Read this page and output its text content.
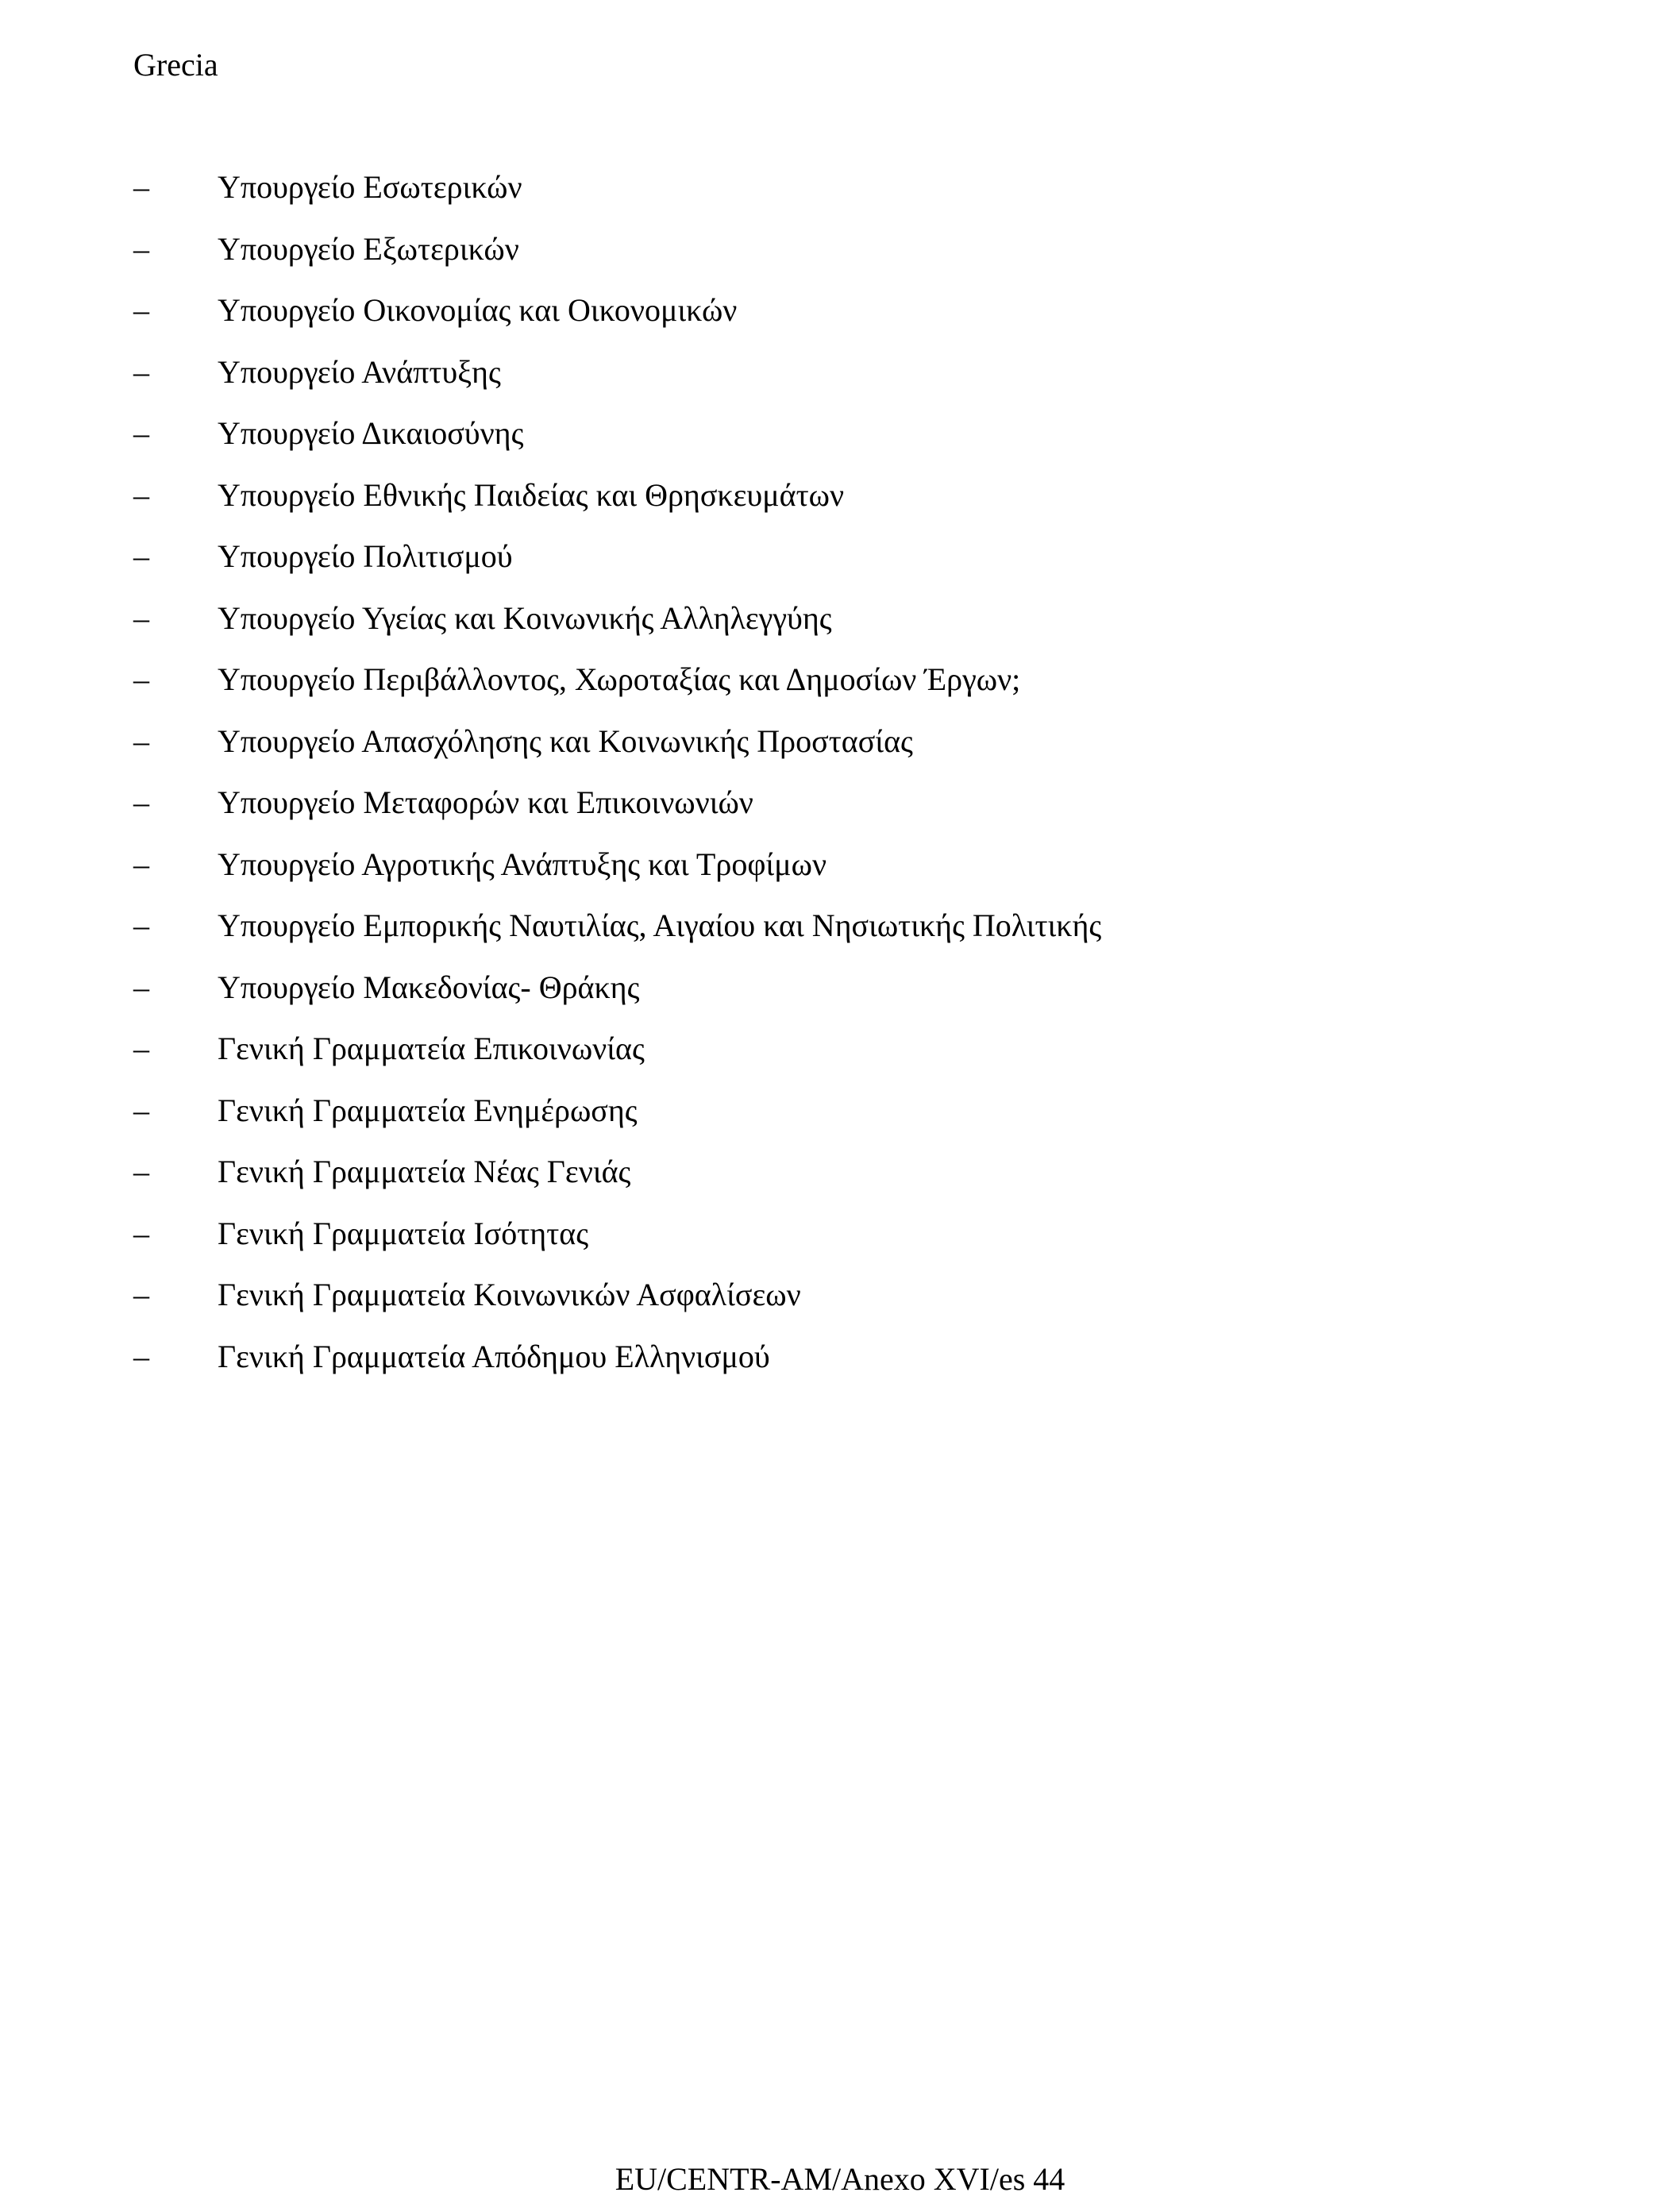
Grecia
–	Υπουργείο Εσωτερικών
–	Υπουργείο Εξωτερικών
–	Υπουργείο Οικονομίας και Οικονομικών
–	Υπουργείο Ανάπτυξης
–	Υπουργείο Δικαιοσύνης
–	Υπουργείο Εθνικής Παιδείας και Θρησκευμάτων
–	Υπουργείο Πολιτισμού
–	Υπουργείο Υγείας και Κοινωνικής Αλληλεγγύης
–	Υπουργείο Περιβάλλοντος, Χωροταξίας και Δημοσίων Έργων;
–	Υπουργείο Απασχόλησης και Κοινωνικής Προστασίας
–	Υπουργείο Μεταφορών και Επικοινωνιών
–	Υπουργείο Αγροτικής Ανάπτυξης και Τροφίμων
–	Υπουργείο Εμπορικής Ναυτιλίας, Αιγαίου και Νησιωτικής Πολιτικής
–	Υπουργείο Μακεδονίας- Θράκης
–	Γενική Γραμματεία Επικοινωνίας
–	Γενική Γραμματεία Ενημέρωσης
–	Γενική Γραμματεία Νέας Γενιάς
–	Γενική Γραμματεία Ισότητας
–	Γενική Γραμματεία Κοινωνικών Ασφαλίσεων
–	Γενική Γραμματεία Απόδημου Ελληνισμού
EU/CENTR-AM/Anexo XVI/es 44
